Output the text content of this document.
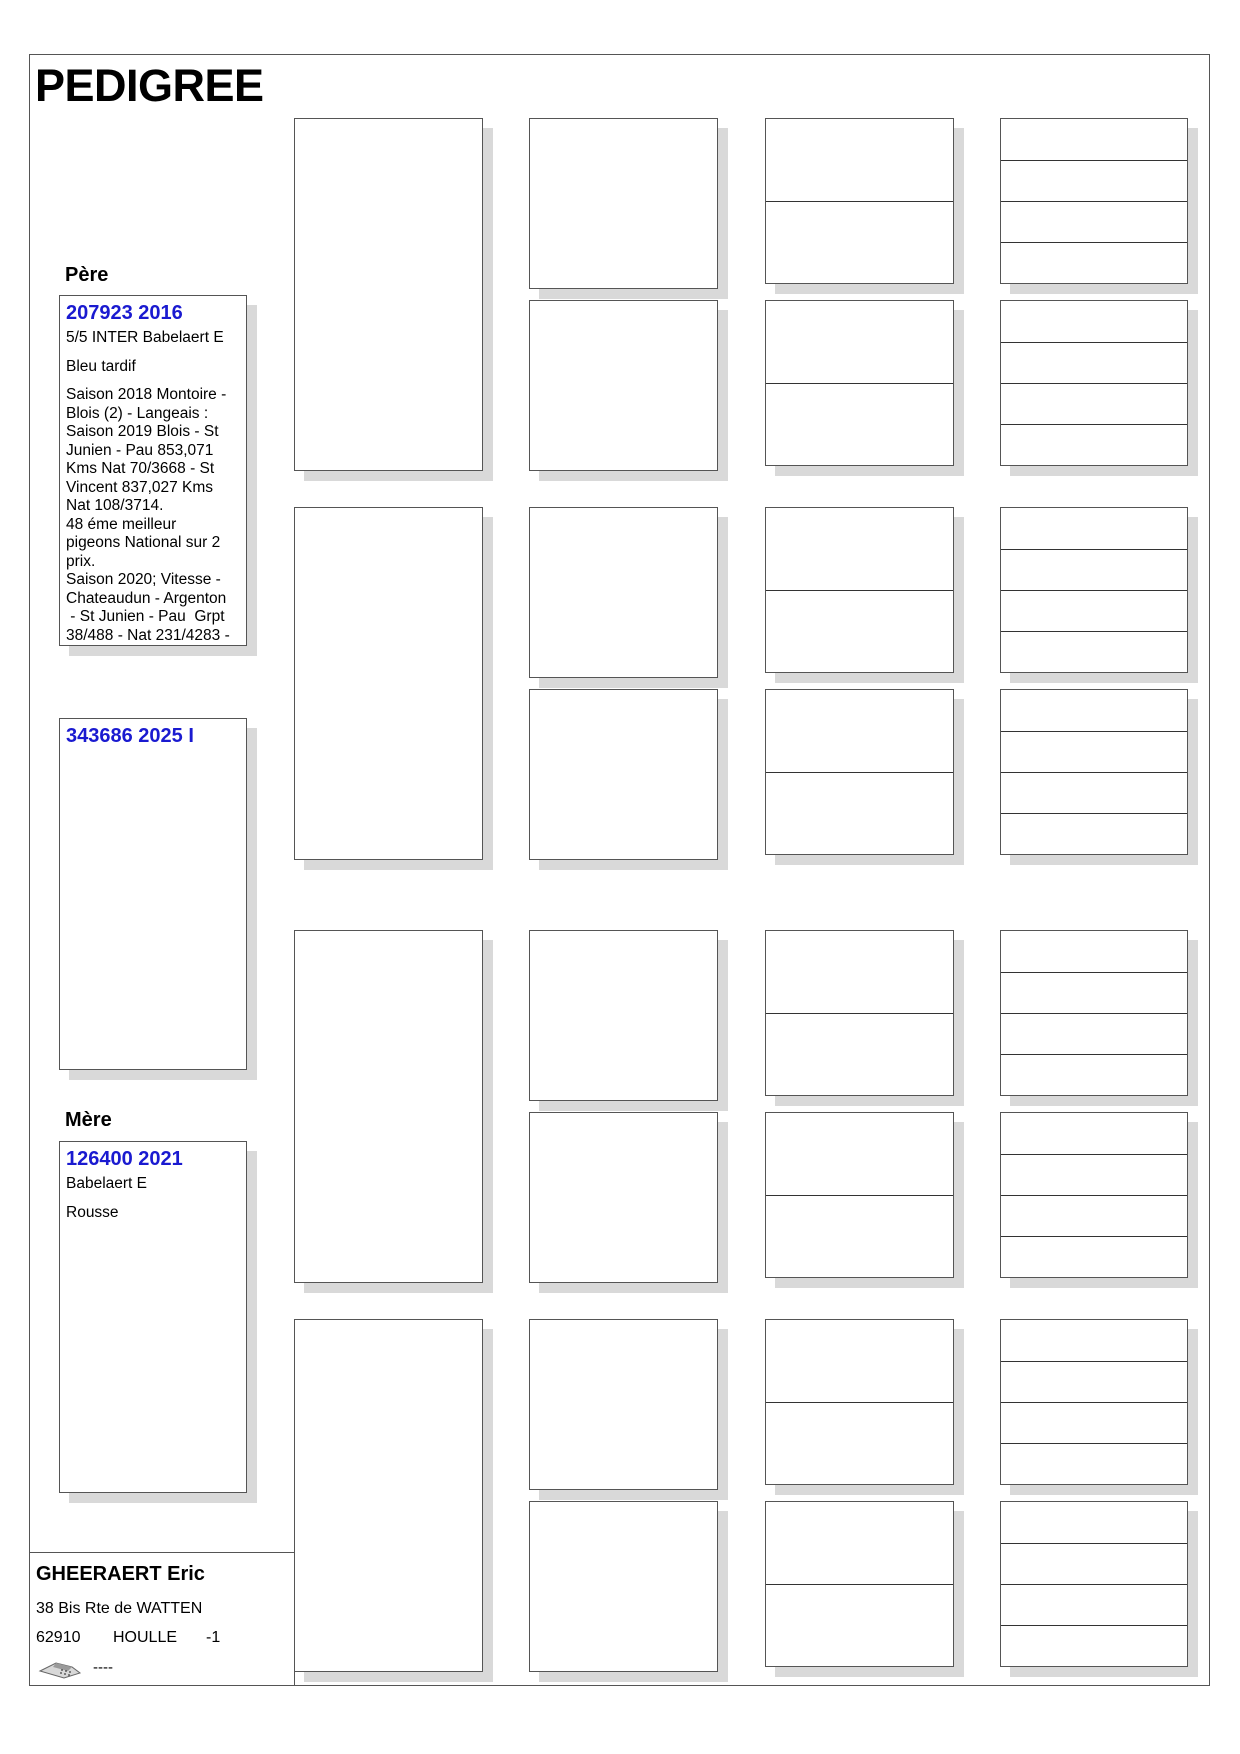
PEDIGREE
Père
207923 2016
5/5 INTER Babelaert E
Bleu tardif
Saison 2018 Montoire -
Blois (2) - Langeais :
Saison 2019 Blois - St
Junien - Pau 853,071
Kms Nat 70/3668 - St
Vincent 837,027 Kms
Nat 108/3714.
48 éme meilleur
pigeons National sur 2
prix.
Saison 2020; Vitesse -
Chateaudun - Argenton
- St Junien - Pau  Grpt
38/488 - Nat 231/4283 -
343686 2025 I
Mère
126400 2021
Babelaert E
Rousse
GHEERAERT Eric
38 Bis Rte de WATTEN
62910 HOULLE -1
----
